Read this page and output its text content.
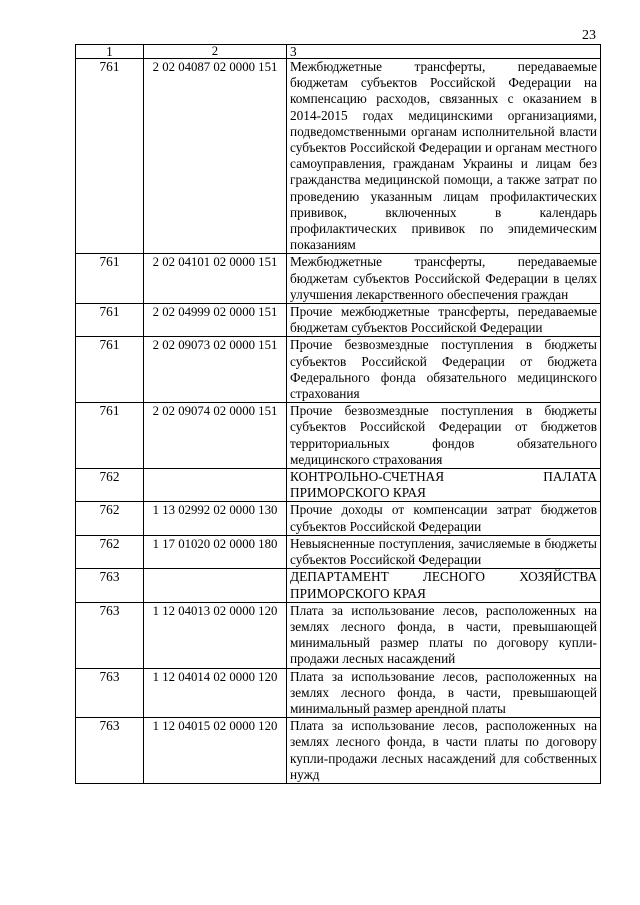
23
1	2	3
761	2 02 04087 02 0000 151	Межбюджетные трансферты, передаваемые бюджетам субъектов Российской Федерации на компенсацию расходов, связанных с оказанием в 2014-2015 годах медицинскими организациями, подведомственными органам исполнительной власти субъектов Российской Федерации и органам местного самоуправления, гражданам Украины и лицам без гражданства медицинской помощи, а также затрат по проведению указанным лицам профилактических прививок, включенных в календарь профилактических прививок по эпидемическим показаниям
761	2 02 04101 02 0000 151	Межбюджетные трансферты, передаваемые бюджетам субъектов Российской Федерации в целях улучшения лекарственного обеспечения граждан
761	2 02 04999 02 0000 151	Прочие межбюджетные трансферты, передаваемые бюджетам субъектов Российской Федерации
761	2 02 09073 02 0000 151	Прочие безвозмездные поступления в бюджеты субъектов Российской Федерации от бюджета Федерального фонда обязательного медицинского страхования
761	2 02 09074 02 0000 151	Прочие безвозмездные поступления в бюджеты субъектов Российской Федерации от бюджетов территориальных фондов обязательного медицинского страхования
762		КОНТРОЛЬНО-СЧЕТНАЯ ПАЛАТА ПРИМОРСКОГО КРАЯ
762	1 13 02992 02 0000 130	Прочие доходы от компенсации затрат бюджетов субъектов Российской Федерации
762	1 17 01020 02 0000 180	Невыясненные поступления, зачисляемые в бюджеты субъектов Российской Федерации
763		ДЕПАРТАМЕНТ ЛЕСНОГО ХОЗЯЙСТВА ПРИМОРСКОГО КРАЯ
763	1 12 04013 02 0000 120	Плата за использование лесов, расположенных на землях лесного фонда, в части, превышающей минимальный размер платы по договору купли-продажи лесных насаждений
763	1 12 04014 02 0000 120	Плата за использование лесов, расположенных на землях лесного фонда, в части, превышающей минимальный размер арендной платы
763	1 12 04015 02 0000 120	Плата за использование лесов, расположенных на землях лесного фонда, в части платы по договору купли-продажи лесных насаждений для собственных нужд
